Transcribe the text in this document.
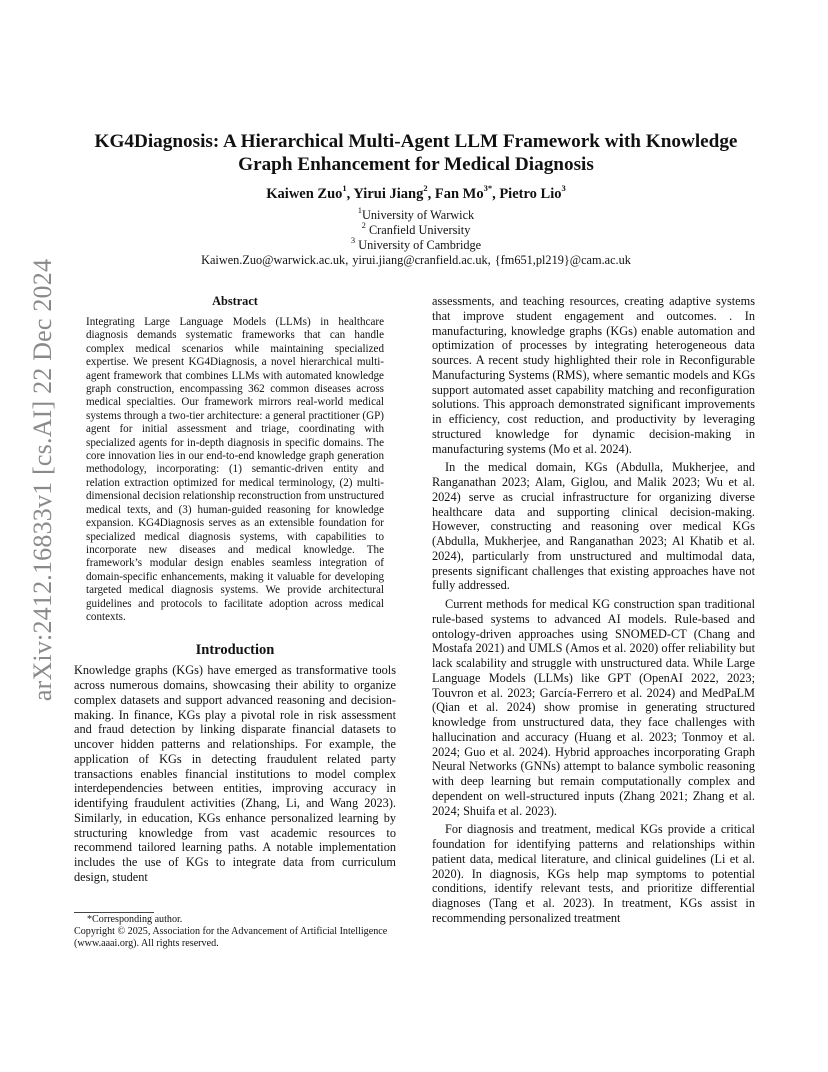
arXiv:2412.16833v1 [cs.AI] 22 Dec 2024
KG4Diagnosis: A Hierarchical Multi-Agent LLM Framework with Knowledge
Graph Enhancement for Medical Diagnosis
Kaiwen Zuo$^1$, Yirui Jiang$^2$, Fan $Mo^{3*}$, Pietro Lio$^3$
$^1$University of Warwick
$^2$ Cranfield University
$^3$ University of Cambridge
Kaiwen.Zuo@warwick.ac.uk, yirui.jiang@cranfield.ac.uk, {fm651,pl219}@cam.ac.uk
Abstract

Integrating Large Language Models (LLMs) in healthcare diagnosis demands systematic frameworks that can handle complex medical scenarios while maintaining specialized expertise. We present KG4Diagnosis, a novel hierarchical multi-agent framework that combines LLMs with automated knowledge graph construction, encompassing 362 common diseases across medical specialties. Our framework mirrors real-world medical systems through a two-tier architecture: a general practitioner (GP) agent for initial assessment and triage, coordinating with specialized agents for in-depth diagnosis in specific domains. The core innovation lies in our end-to-end knowledge graph generation methodology, incorporating: (1) semantic-driven entity and relation extraction optimized for medical terminology, (2) multi-dimensional decision relationship reconstruction from unstructured medical texts, and (3) human-guided reasoning for knowledge expansion. KG4Diagnosis serves as an extensible foundation for specialized medical diagnosis systems, with capabilities to incorporate new diseases and medical knowledge. The framework’s modular design enables seamless integration of domain-specific enhancements, making it valuable for developing targeted medical diagnosis systems. We provide architectural guidelines and protocols to facilitate adoption across medical contexts.

Introduction

Knowledge graphs (KGs) have emerged as transformative tools across numerous domains, showcasing their ability to organize complex datasets and support advanced reasoning and decision-making. In finance, KGs play a pivotal role in risk assessment and fraud detection by linking disparate financial datasets to uncover hidden patterns and relationships. For example, the application of KGs in detecting fraudulent related party transactions enables financial institutions to model complex interdependencies between entities, improving accuracy in identifying fraudulent activities (Zhang, Li, and Wang 2023). Similarly, in education, KGs enhance personalized learning by structuring knowledge from vast academic resources to recommend tailored learning paths. A notable implementation includes the use of KGs to integrate data from curriculum design, student

assessments, and teaching resources, creating adaptive systems that improve student engagement and outcomes. . In manufacturing, knowledge graphs (KGs) enable automation and optimization of processes by integrating heterogeneous data sources. A recent study highlighted their role in Reconfigurable Manufacturing Systems (RMS), where semantic models and KGs support automated asset capability matching and reconfiguration solutions. This approach demonstrated significant improvements in efficiency, cost reduction, and productivity by leveraging structured knowledge for dynamic decision-making in manufacturing systems (Mo et al. 2024).

In the medical domain, KGs (Abdulla, Mukherjee, and Ranganathan 2023; Alam, Giglou, and Malik 2023; Wu et al. 2024) serve as crucial infrastructure for organizing diverse healthcare data and supporting clinical decision-making. However, constructing and reasoning over medical KGs (Abdulla, Mukherjee, and Ranganathan 2023; Al Khatib et al. 2024), particularly from unstructured and multimodal data, presents significant challenges that existing approaches have not fully addressed.

Current methods for medical KG construction span traditional rule-based systems to advanced AI models. Rule-based and ontology-driven approaches using SNOMED-CT (Chang and Mostafa 2021) and UMLS (Amos et al. 2020) offer reliability but lack scalability and struggle with unstructured data. While Large Language Models (LLMs) like GPT (OpenAI 2022, 2023; Touvron et al. 2023; García-Ferrero et al. 2024) and MedPaLM (Qian et al. 2024) show promise in generating structured knowledge from unstructured data, they face challenges with hallucination and accuracy (Huang et al. 2023; Tonmoy et al. 2024; Guo et al. 2024). Hybrid approaches incorporating Graph Neural Networks (GNNs) attempt to balance symbolic reasoning with deep learning but remain computationally complex and dependent on well-structured inputs (Zhang 2021; Zhang et al. 2024; Shuifa et al. 2023).

For diagnosis and treatment, medical KGs provide a critical foundation for identifying patterns and relationships within patient data, medical literature, and clinical guidelines (Li et al. 2020). In diagnosis, KGs help map symptoms to potential conditions, identify relevant tests, and prioritize differential diagnoses (Tang et al. 2023). In treatment, KGs assist in recommending personalized treatment

*Corresponding author.
Copyright © 2025, Association for the Advancement of Artificial Intelligence (www.aaai.org). All rights reserved.
